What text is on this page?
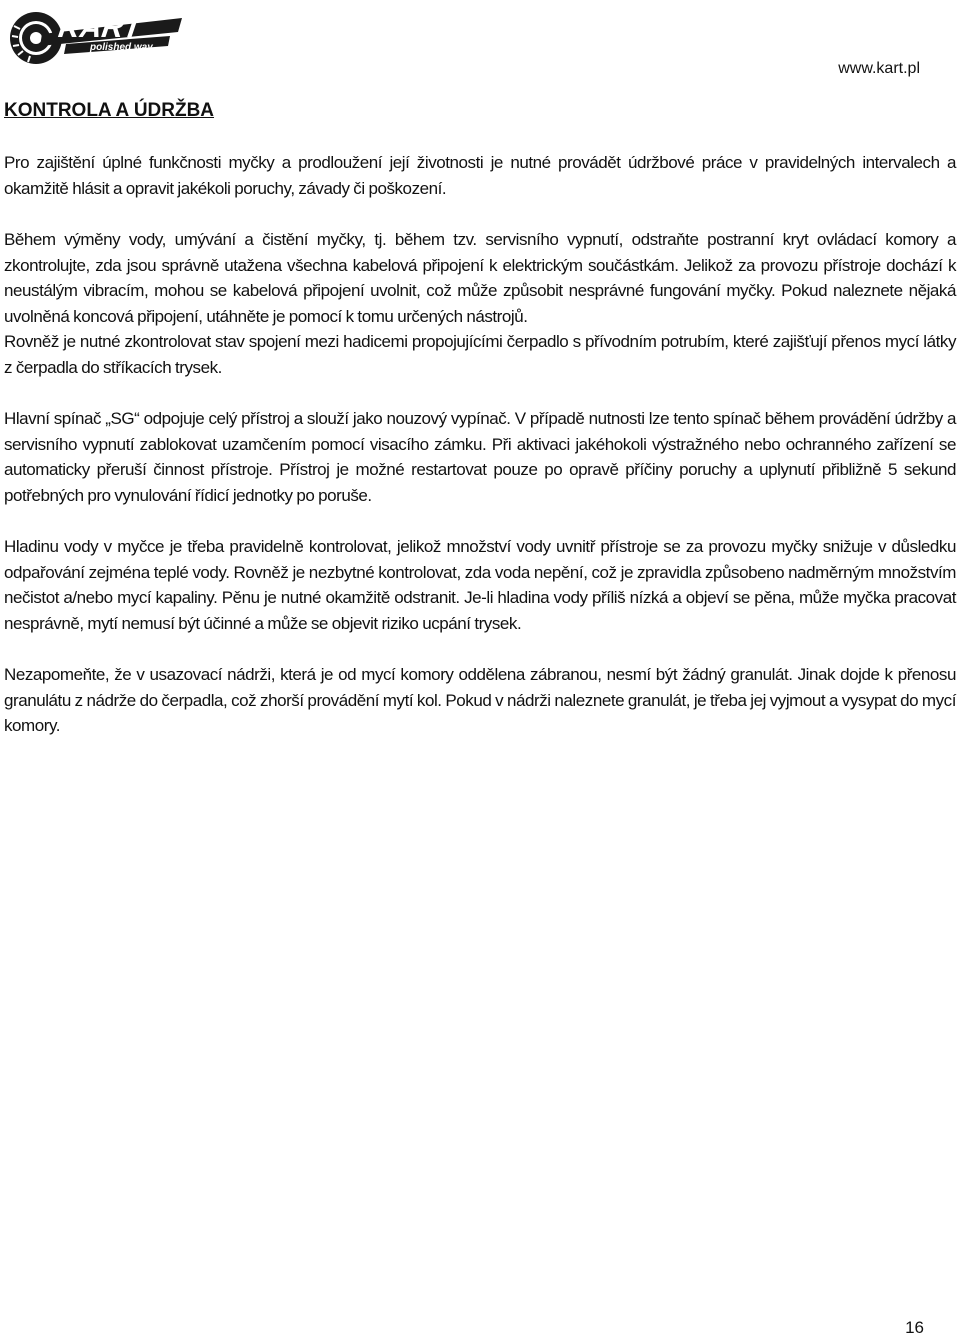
KART
polished way
www.kart.pl
KONTROLA A ÚDRŽBA

Pro zajištění úplné funkčnosti myčky a prodloužení její životnosti je nutné provádět údržbové práce v pravidelných intervalech a okamžitě hlásit a opravit jakékoli poruchy, závady či poškození.

Během výměny vody, umývání a čistění myčky, tj. během tzv. servisního vypnutí, odstraňte postranní kryt ovládací komory a zkontrolujte, zda jsou správně utažena všechna kabelová připojení k elektrickým součástkám. Jelikož za provozu přístroje dochází k neustálým vibracím, mohou se kabelová připojení uvolnit, což může způsobit nesprávné fungování myčky. Pokud naleznete nějaká uvolněná koncová připojení, utáhněte je pomocí k tomu určených nástrojů.

Rovněž je nutné zkontrolovat stav spojení mezi hadicemi propojujícími čerpadlo s přívodním potrubím, které zajišťují přenos mycí látky z čerpadla do stříkacích trysek.

Hlavní spínač „SG“ odpojuje celý přístroj a slouží jako nouzový vypínač. V případě nutnosti lze tento spínač během provádění údržby a servisního vypnutí zablokovat uzamčením pomocí visacího zámku. Při aktivaci jakéhokoli výstražného nebo ochranného zařízení se automaticky přeruší činnost přístroje. Přístroj je možné restartovat pouze po opravě příčiny poruchy a uplynutí přibližně 5 sekund potřebných pro vynulování řídicí jednotky po poruše.

Hladinu vody v myčce je třeba pravidelně kontrolovat, jelikož množství vody uvnitř přístroje se za provozu myčky snižuje v důsledku odpařování zejména teplé vody. Rovněž je nezbytné kontrolovat, zda voda nepění, což je zpravidla způsobeno nadměrným množstvím nečistot a/nebo mycí kapaliny. Pěnu je nutné okamžitě odstranit. Je-li hladina vody příliš nízká a objeví se pěna, může myčka pracovat nesprávně, mytí nemusí být účinné a může se objevit riziko ucpání trysek.

Nezapomeňte, že v usazovací nádrži, která je od mycí komory oddělena zábranou, nesmí být žádný granulát. Jinak dojde k přenosu granulátu z nádrže do čerpadla, což zhorší provádění mytí kol. Pokud v nádrži naleznete granulát, je třeba jej vyjmout a vysypat do mycí komory.

16
